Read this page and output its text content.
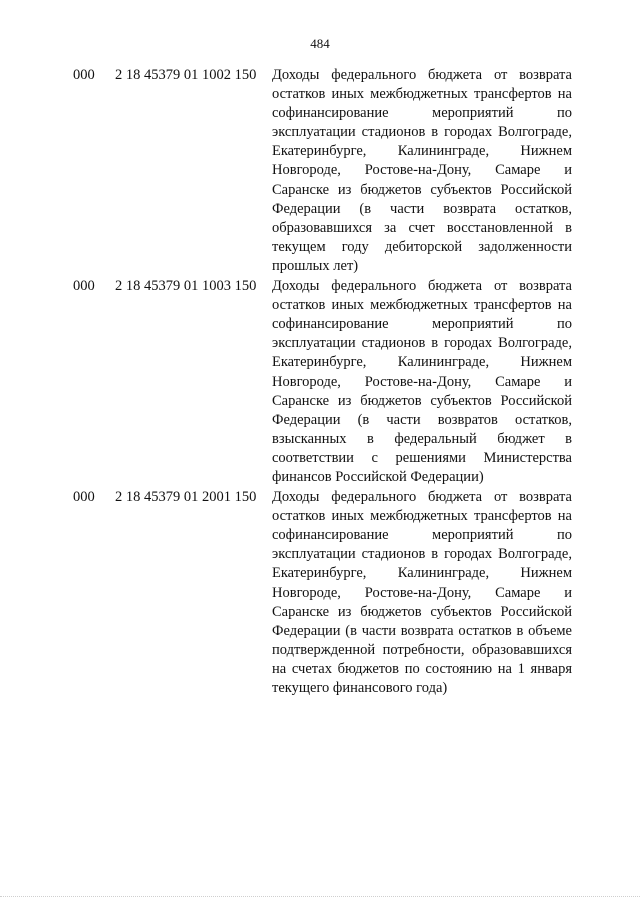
484
000 2 18 45379 01 1002 150 Доходы федерального бюджета от возврата остатков иных межбюджетных трансфертов на софинансирование мероприятий по эксплуатации стадионов в городах Волгограде, Екатеринбурге, Калининграде, Нижнем Новгороде, Ростове-на-Дону, Самаре и Саранске из бюджетов субъектов Российской Федерации (в части возврата остатков, образовавшихся за счет восстановленной в текущем году дебиторской задолженности прошлых лет)
000 2 18 45379 01 1003 150 Доходы федерального бюджета от возврата остатков иных межбюджетных трансфертов на софинансирование мероприятий по эксплуатации стадионов в городах Волгограде, Екатеринбурге, Калининграде, Нижнем Новгороде, Ростове-на-Дону, Самаре и Саранске из бюджетов субъектов Российской Федерации (в части возвратов остатков, взысканных в федеральный бюджет в соответствии с решениями Министерства финансов Российской Федерации)
000 2 18 45379 01 2001 150 Доходы федерального бюджета от возврата остатков иных межбюджетных трансфертов на софинансирование мероприятий по эксплуатации стадионов в городах Волгограде, Екатеринбурге, Калининграде, Нижнем Новгороде, Ростове-на-Дону, Самаре и Саранске из бюджетов субъектов Российской Федерации (в части возврата остатков в объеме подтвержденной потребности, образовавшихся на счетах бюджетов по состоянию на 1 января текущего финансового года)
